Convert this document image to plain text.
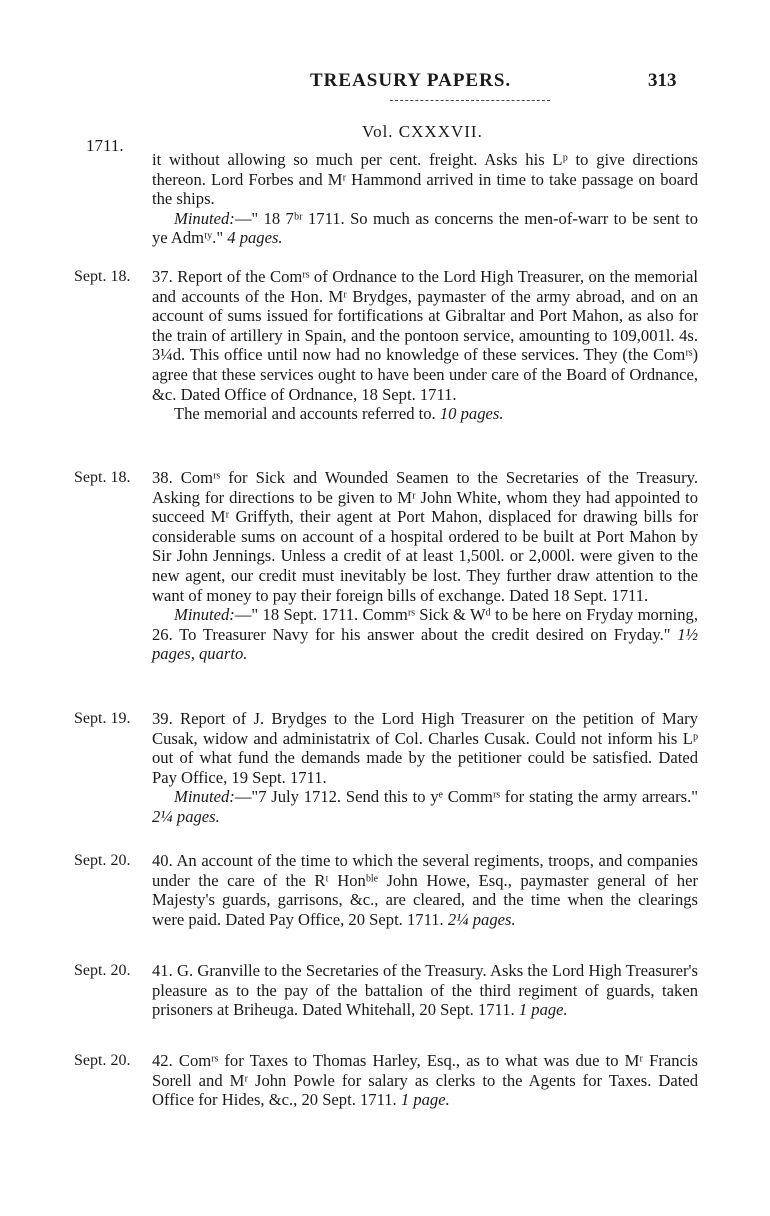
TREASURY PAPERS.	313
Vol. CXXXVII.
1711.

it without allowing so much per cent. freight. Asks his Lᵖ to give directions thereon. Lord Forbes and Mʳ Hammond arrived in time to take passage on board the ships.

Minuted:—" 18 7ᵇʳ 1711. So much as concerns the men-of-warr to be sent to ye Admᵗʸ." 4 pages.

Sept. 18. 37. Report of the Comʳˢ of Ordnance to the Lord High Treasurer, on the memorial and accounts of the Hon. Mʳ Brydges, paymaster of the army abroad, and on an account of sums issued for fortifications at Gibraltar and Port Mahon, as also for the train of artillery in Spain, and the pontoon service, amounting to 109,001l. 4s. 3¼d. This office until now had no knowledge of these services. They (the Comʳˢ) agree that these services ought to have been under care of the Board of Ordnance, &c. Dated Office of Ordnance, 18 Sept. 1711.

The memorial and accounts referred to. 10 pages.

Sept. 18. 38. Comʳˢ for Sick and Wounded Seamen to the Secretaries of the Treasury. Asking for directions to be given to Mʳ John White, whom they had appointed to succeed Mʳ Griffyth, their agent at Port Mahon, displaced for drawing bills for considerable sums on account of a hospital ordered to be built at Port Mahon by Sir John Jennings. Unless a credit of at least 1,500l. or 2,000l. were given to the new agent, our credit must inevitably be lost. They further draw attention to the want of money to pay their foreign bills of exchange. Dated 18 Sept. 1711.

Minuted:—" 18 Sept. 1711. Commʳˢ Sick & Wᵈ to be here on Fryday morning, 26. To Treasurer Navy for his answer about the credit desired on Fryday." 1½ pages, quarto.

Sept. 19. 39. Report of J. Brydges to the Lord High Treasurer on the petition of Mary Cusak, widow and administatrix of Col. Charles Cusak. Could not inform his Lᵖ out of what fund the demands made by the petitioner could be satisfied. Dated Pay Office, 19 Sept. 1711.

Minuted:—"7 July 1712. Send this to yᵉ Commʳˢ for stating the army arrears." 2¼ pages.

Sept. 20. 40. An account of the time to which the several regiments, troops, and companies under the care of the Rᵗ Honᵇˡᵉ John Howe, Esq., paymaster general of her Majesty's guards, garrisons, &c., are cleared, and the time when the clearings were paid. Dated Pay Office, 20 Sept. 1711. 2¼ pages.

Sept. 20. 41. G. Granville to the Secretaries of the Treasury. Asks the Lord High Treasurer's pleasure as to the pay of the battalion of the third regiment of guards, taken prisoners at Briheuga. Dated Whitehall, 20 Sept. 1711. 1 page.

Sept. 20. 42. Comʳˢ for Taxes to Thomas Harley, Esq., as to what was due to Mʳ Francis Sorell and Mʳ John Powle for salary as clerks to the Agents for Taxes. Dated Office for Hides, &c., 20 Sept. 1711. 1 page.
